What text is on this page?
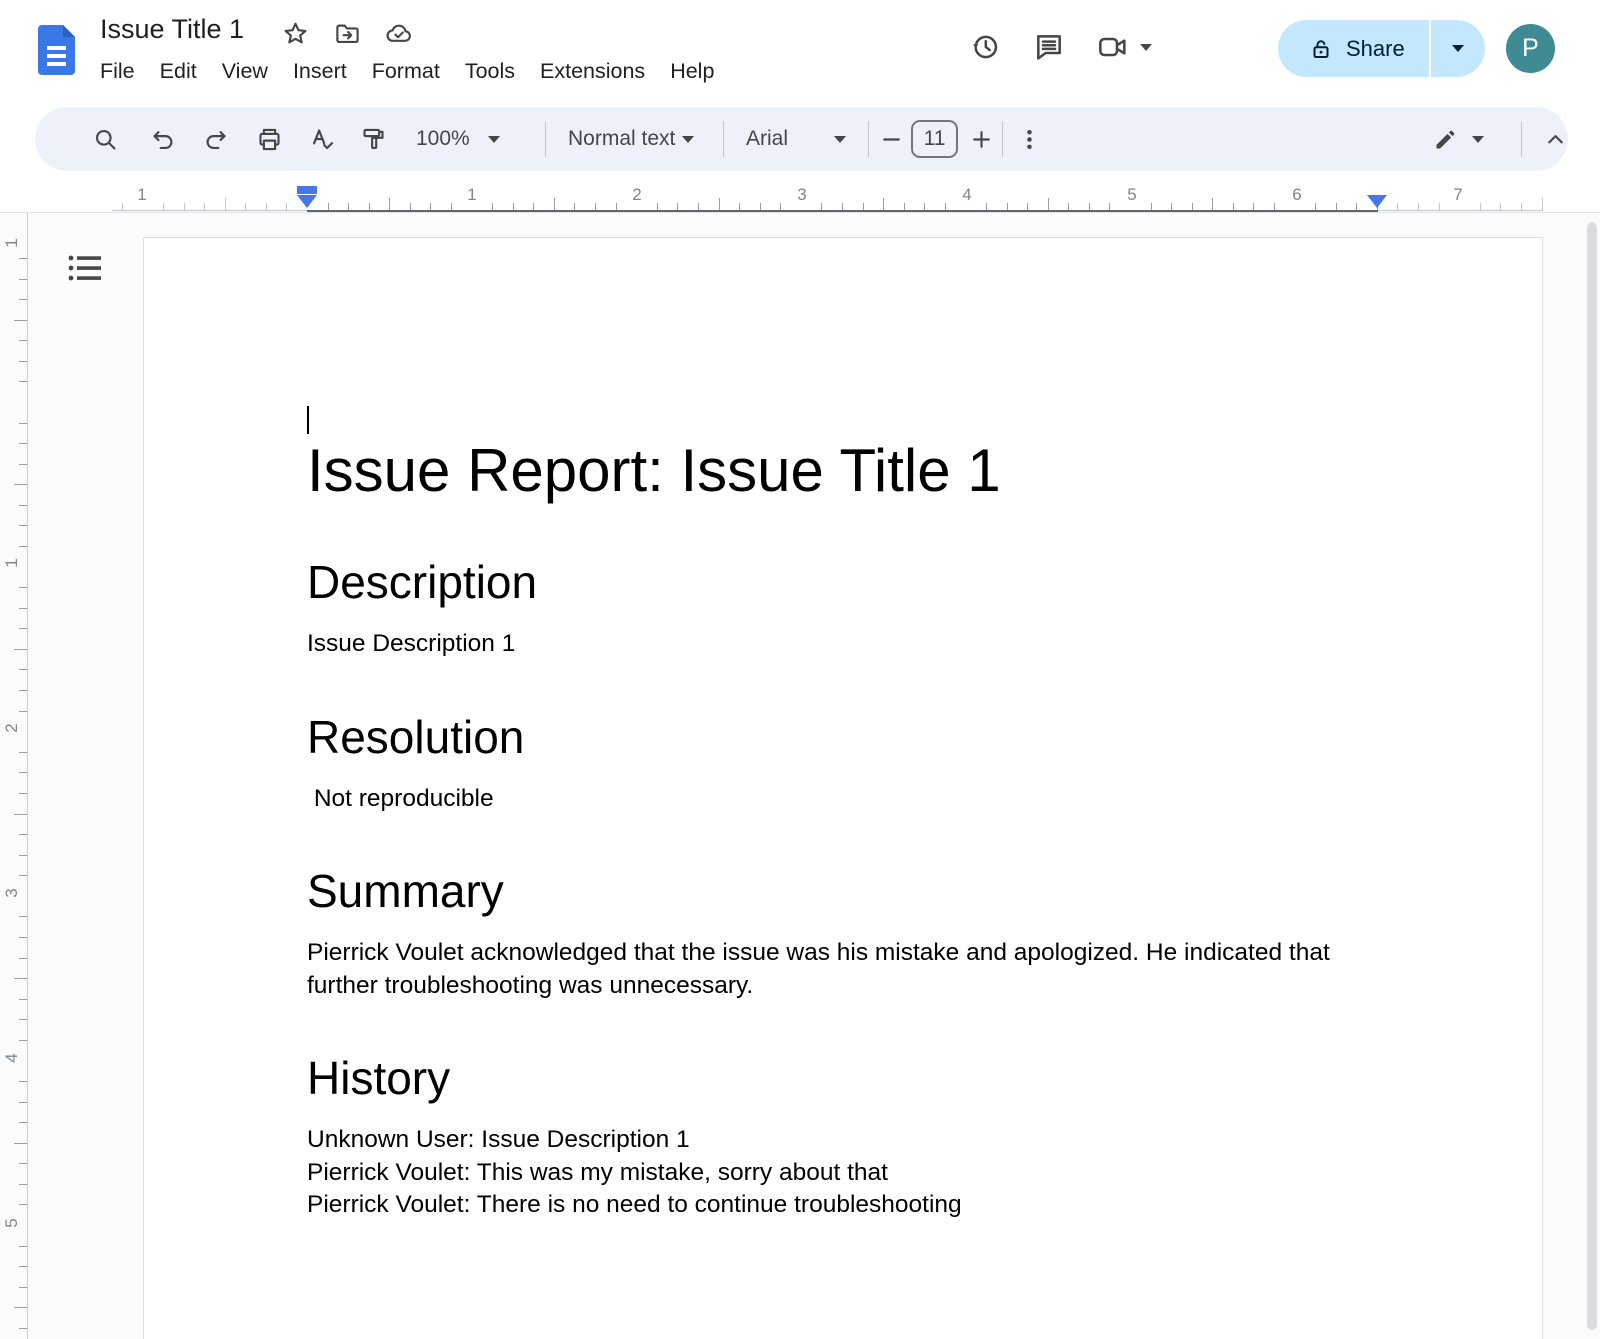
Issue Title 1
File Edit View Insert Format Tools Extensions Help
Share	P
100%	Normal text	Arial	11
1	1	2	3	4	5	6	7
1
1
2
3
4
5
Issue Report: Issue Title 1
Description
Issue Description 1
Resolution
Not reproducible
Summary
Pierrick Voulet acknowledged that the issue was his mistake and apologized. He indicated that further troubleshooting was unnecessary.
History
Unknown User: Issue Description 1
Pierrick Voulet: This was my mistake, sorry about that
Pierrick Voulet: There is no need to continue troubleshooting
